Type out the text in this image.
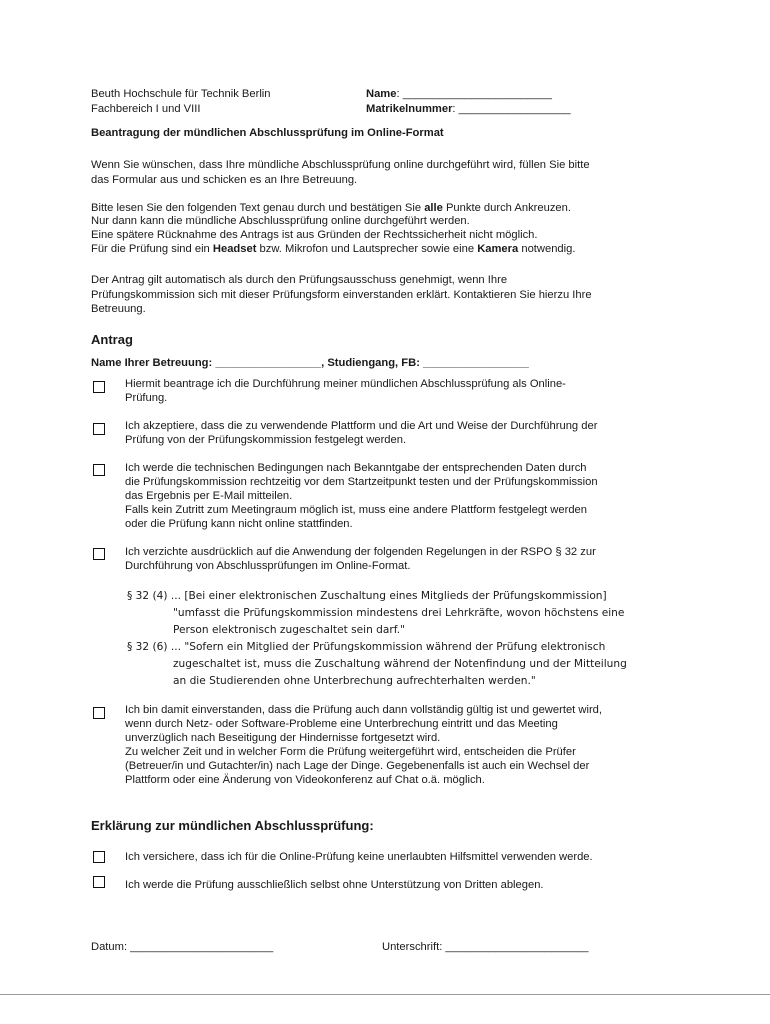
Beuth Hochschule für Technik Berlin
Fachbereich I und VIII
Name: ________________________
Matrikelnummer: __________________
Beantragung der mündlichen Abschlussprüfung im Online-Format
Wenn Sie wünschen, dass Ihre mündliche Abschlussprüfung online durchgeführt wird, füllen Sie bitte
das Formular aus und schicken es an Ihre Betreuung.
Bitte lesen Sie den folgenden Text genau durch und bestätigen Sie alle Punkte durch Ankreuzen.
Nur dann kann die mündliche Abschlussprüfung online durchgeführt werden.
Eine spätere Rücknahme des Antrags ist aus Gründen der Rechtssicherheit nicht möglich.
Für die Prüfung sind ein Headset bzw. Mikrofon und Lautsprecher sowie eine Kamera notwendig.
Der Antrag gilt automatisch als durch den Prüfungsausschuss genehmigt, wenn Ihre
Prüfungskommission sich mit dieser Prüfungsform einverstanden erklärt. Kontaktieren Sie hierzu Ihre
Betreuung.
Antrag
Name Ihrer Betreuung: _________________, Studiengang, FB: _________________
Hiermit beantrage ich die Durchführung meiner mündlichen Abschlussprüfung als Online-
Prüfung.
Ich akzeptiere, dass die zu verwendende Plattform und die Art und Weise der Durchführung der
Prüfung von der Prüfungskommission festgelegt werden.
Ich werde die technischen Bedingungen nach Bekanntgabe der entsprechenden Daten durch
die Prüfungskommission rechtzeitig vor dem Startzeitpunkt testen und der Prüfungskommission
das Ergebnis per E-Mail mitteilen.
Falls kein Zutritt zum Meetingraum möglich ist, muss eine andere Plattform festgelegt werden
oder die Prüfung kann nicht online stattfinden.
Ich verzichte ausdrücklich auf die Anwendung der folgenden Regelungen in der RSPO § 32 zur
Durchführung von Abschlussprüfungen im Online-Format.
§ 32 (4) ... [Bei einer elektronischen Zuschaltung eines Mitglieds der Prüfungskommission]
"umfasst die Prüfungskommission mindestens drei Lehrkräfte, wovon höchstens eine
Person elektronisch zugeschaltet sein darf."
§ 32 (6) ... "Sofern ein Mitglied der Prüfungskommission während der Prüfung elektronisch
zugeschaltet ist, muss die Zuschaltung während der Notenfindung und der Mitteilung
an die Studierenden ohne Unterbrechung aufrechterhalten werden."
Ich bin damit einverstanden, dass die Prüfung auch dann vollständig gültig ist und gewertet wird,
wenn durch Netz- oder Software-Probleme eine Unterbrechung eintritt und das Meeting
unverzüglich nach Beseitigung der Hindernisse fortgesetzt wird.
Zu welcher Zeit und in welcher Form die Prüfung weitergeführt wird, entscheiden die Prüfer
(Betreuer/in und Gutachter/in) nach Lage der Dinge. Gegebenenfalls ist auch ein Wechsel der
Plattform oder eine Änderung von Videokonferenz auf Chat o.ä. möglich.
Erklärung zur mündlichen Abschlussprüfung:
Ich versichere, dass ich für die Online-Prüfung keine unerlaubten Hilfsmittel verwenden werde.
Ich werde die Prüfung ausschließlich selbst ohne Unterstützung von Dritten ablegen.
Datum: _______________________	Unterschrift: _______________________
